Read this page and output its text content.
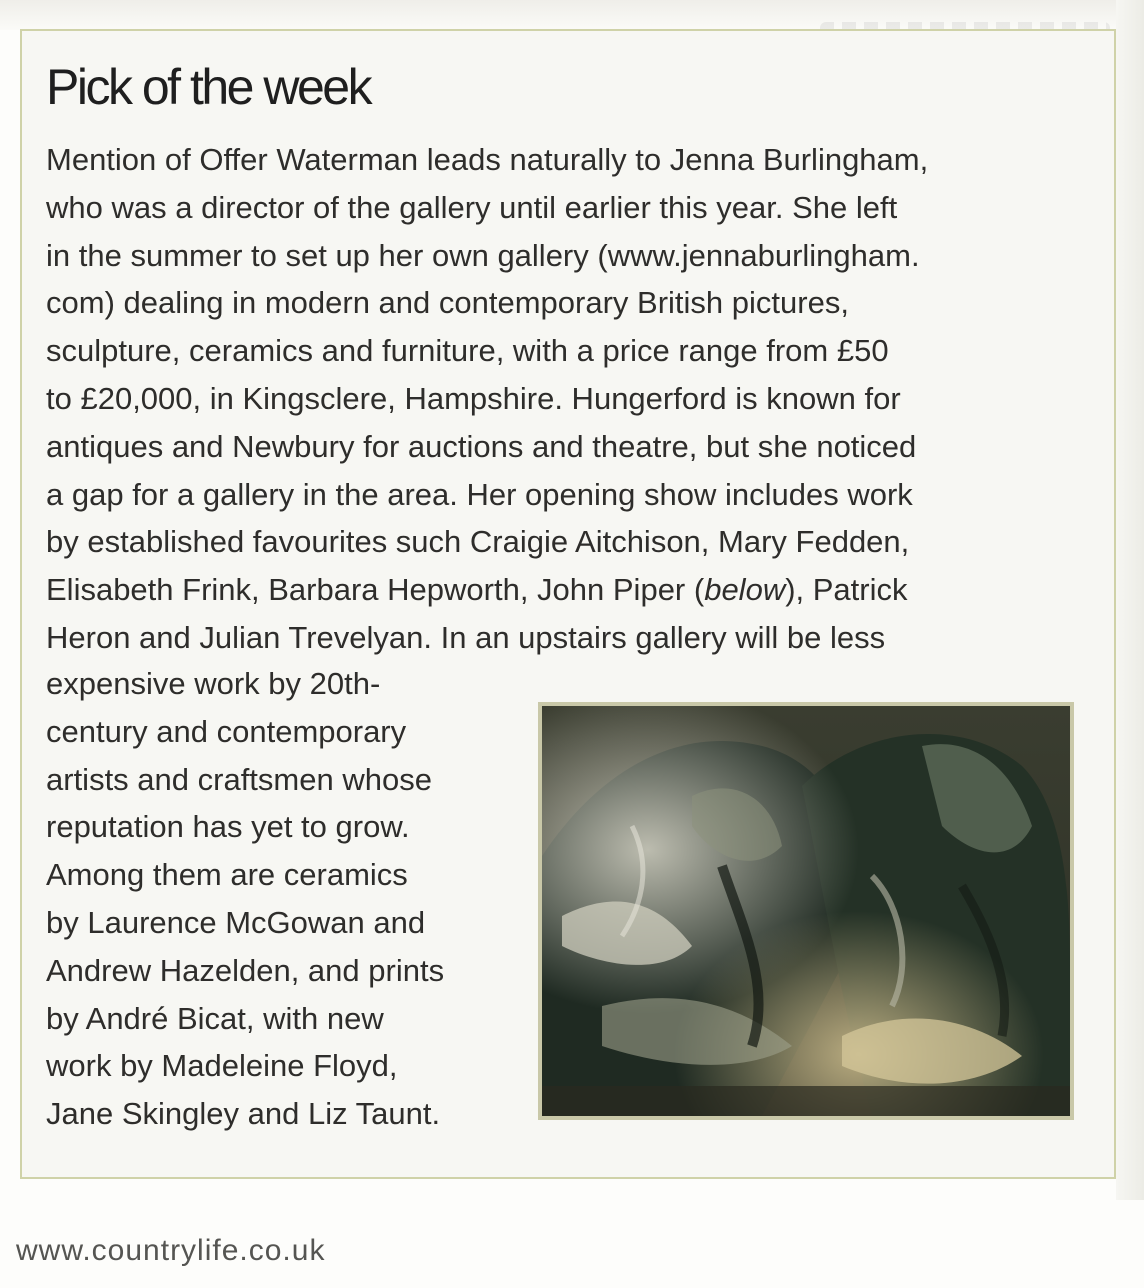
Pick of the week

Mention of Offer Waterman leads naturally to Jenna Burlingham,
who was a director of the gallery until earlier this year. She left
in the summer to set up her own gallery (www.jennaburlingham.
com) dealing in modern and contemporary British pictures,
sculpture, ceramics and furniture, with a price range from £50
to £20,000, in Kingsclere, Hampshire. Hungerford is known for
antiques and Newbury for auctions and theatre, but she noticed
a gap for a gallery in the area. Her opening show includes work
by established favourites such Craigie Aitchison, Mary Fedden,
Elisabeth Frink, Barbara Hepworth, John Piper (below), Patrick
Heron and Julian Trevelyan. In an upstairs gallery will be less

expensive work by 20th-
century and contemporary
artists and craftsmen whose
reputation has yet to grow.
Among them are ceramics
by Laurence McGowan and
Andrew Hazelden, and prints
by André Bicat, with new
work by Madeleine Floyd,
Jane Skingley and Liz Taunt.

www.countrylife.co.uk
